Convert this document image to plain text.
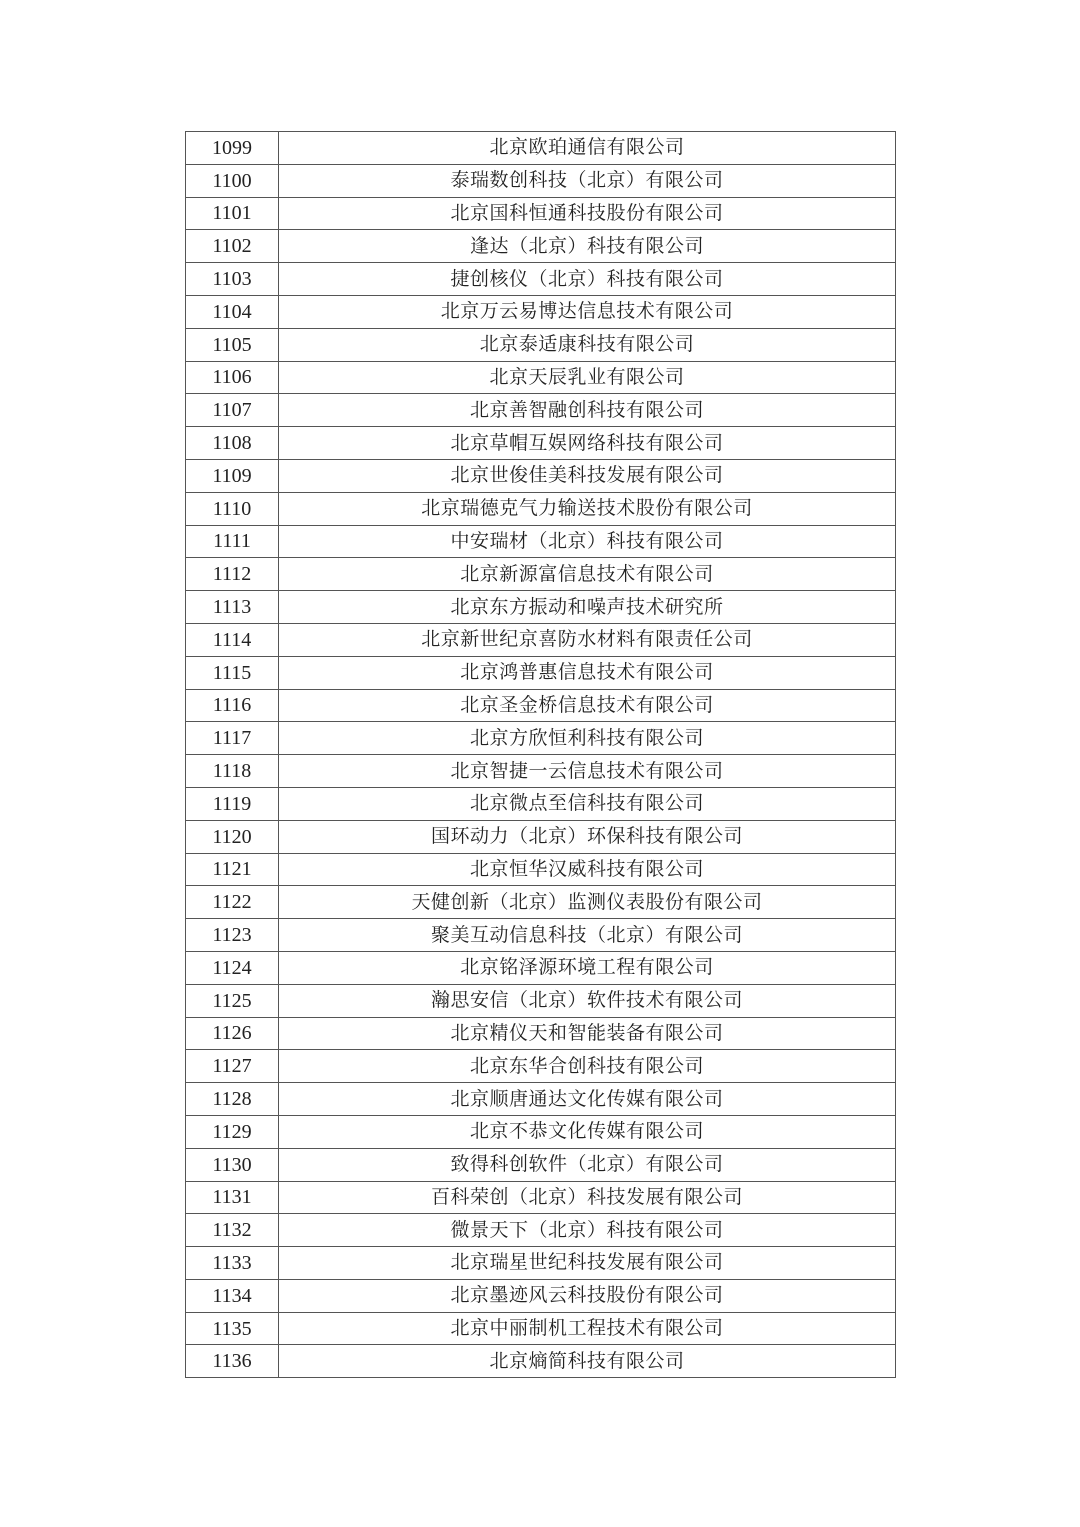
1099	北京欧珀通信有限公司
1100	泰瑞数创科技（北京）有限公司
1101	北京国科恒通科技股份有限公司
1102	逢达（北京）科技有限公司
1103	捷创核仪（北京）科技有限公司
1104	北京万云易博达信息技术有限公司
1105	北京泰适康科技有限公司
1106	北京天辰乳业有限公司
1107	北京善智融创科技有限公司
1108	北京草帽互娱网络科技有限公司
1109	北京世俊佳美科技发展有限公司
1110	北京瑞德克气力输送技术股份有限公司
1111	中安瑞材（北京）科技有限公司
1112	北京新源富信息技术有限公司
1113	北京东方振动和噪声技术研究所
1114	北京新世纪京喜防水材料有限责任公司
1115	北京鸿普惠信息技术有限公司
1116	北京圣金桥信息技术有限公司
1117	北京方欣恒利科技有限公司
1118	北京智捷一云信息技术有限公司
1119	北京微点至信科技有限公司
1120	国环动力（北京）环保科技有限公司
1121	北京恒华汉威科技有限公司
1122	天健创新（北京）监测仪表股份有限公司
1123	聚美互动信息科技（北京）有限公司
1124	北京铭泽源环境工程有限公司
1125	瀚思安信（北京）软件技术有限公司
1126	北京精仪天和智能装备有限公司
1127	北京东华合创科技有限公司
1128	北京顺唐通达文化传媒有限公司
1129	北京不恭文化传媒有限公司
1130	致得科创软件（北京）有限公司
1131	百科荣创（北京）科技发展有限公司
1132	微景天下（北京）科技有限公司
1133	北京瑞星世纪科技发展有限公司
1134	北京墨迹风云科技股份有限公司
1135	北京中丽制机工程技术有限公司
1136	北京熵简科技有限公司
